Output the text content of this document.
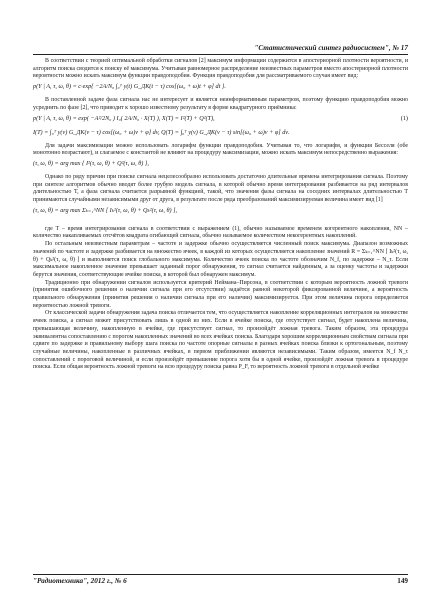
"Статистический синтез радиосистем", № 17

В соответствии с теорией оптимальной обработки сигналов [2] максимум информации содержится в апостериорной плотности вероятности, и алгоритм поиска сводится к поиску её максимума. Учитывая равномерное распределение неизвестных параметров вместо апостериорной плотности вероятности можно искать максимум функции правдоподобия. Функция правдоподобия для рассматриваемого случая имеет вид:

p(Y | A, τ, ω, θ) = c·exp{ −2A/N₀ ∫₀ᵀ y(t) G_ДК(t − τ) cos[(ω₀ + ω)t + φ] dt }.

В поставленной задаче фаза сигнала нас не интересует и является неинформативным параметром, поэтому функцию правдоподобия можно усреднить по фазе [2], что приводит к хорошо известному результату в форме квадратурного приёмника:

p(Y | A, τ, ω, θ) = exp( −A²/2N₀ ) I₀( 2A/N₀ · X(T) ), X(T) = I²(T) + Q²(T),	(1)
I(T) = ∫₀ᵀ y(v) G_ДК(v − τ) cos[(ω₀ + ω)v + φ] dv, Q(T) = ∫₀ᵀ y(v) G_ДК(v − τ) sin[(ω₀ + ω)v + φ] dv.

Для задачи максимизации можно использовать логарифм функции правдоподобия. Учитывая то, что логарифм, и функция Бесселя (обе монотонно возрастают), и слагаемое с константой не влияют на процедуру максимизации, можно искать максимум непосредственно выражения:

(τ, ω, θ) = arg max { I²(τ, ω, θ) + Q²(τ, ω, θ) },

Однако по ряду причин при поиске сигнала нецелесообразно использовать достаточно длительные времена интегрирования сигнала. Поэтому при синтезе алгоритмов обычно вводят более грубую модель сигнала, в которой обычно время интегрирования разбивается на ряд интервалов длительностью T, а фаза сигнала считается разрывной функцией, такой, что значения фазы сигнала на соседних интервалах длительностью T принимаются случайными независимыми друг от друга, в результате после ряда преобразований максимизируемая величина имеет вид [1]

(τ, ω, θ) = arg max Σₖ₌₁^NN [ Iₖ²(τ, ω, θ) + Qₖ²(τ, ω, θ) ],

где T – время интегрирования сигнала в соответствии с выражением (1), обычно называемое временем когерентного накопления, NN – количество накапливаемых отсчётов квадрата огибающей сигнала, обычно называемое количеством некогерентных накоплений.

По остальным неизвестным параметрам – частоте и задержке обычно осуществляется численный поиск максимума. Диапазон возможных значений по частоте и задержке разбивается на множество ячеек, в каждой из которых осуществляется накопление значений R = Σₖ₌₁^NN [ Iₖ²(τ, ω, θ) + Qₖ²(τ, ω, θ) ] и выполняется поиск глобального максимума. Количество ячеек поиска по частоте обозначим N_f, по задержке – N_τ. Если максимальное накопленное значение превышает заданный порог обнаружения, то сигнал считается найденным, а за оценку частоты и задержки берутся значения, соответствующие ячейке поиска, в которой был обнаружен максимум.

Традиционно при обнаружении сигналов используется критерий Неймана–Пирсона, в соответствии с которым вероятность ложной тревоги (принятия ошибочного решения о наличии сигнала при его отсутствии) задаётся равной некоторой фиксированной величине, а вероятность правильного обнаружения (принятия решения о наличии сигнала при его наличии) максимизируется. При этом величина порога определяется вероятностью ложной тревоги.

От классической задачи обнаружения задача поиска отличается тем, что осуществляется накопление корреляционных интегралов на множестве ячеек поиска, а сигнал может присутствовать лишь в одной из них. Если в ячейке поиска, где отсутствует сигнал, будет накоплена величина, превышающая величину, накопленную в ячейке, где присутствует сигнал, то произойдёт ложная тревога. Таким образом, эта процедура эквивалентна сопоставлению с порогом накопленных значений во всех ячейках поиска. Благодаря хорошим корреляционным свойствам сигнала при сдвиге по задержке и правильному выбору шага поиска по частоте опорные сигналы в разных ячейках поиска близки к ортогональным, поэтому случайные величины, накопленные в различных ячейках, в первом приближении являются независимыми. Таким образом, имеется N_f N_τ сопоставлений с пороговой величиной, и если произойдёт превышение порога хотя бы в одной ячейке, произойдёт ложная тревога в процедуре поиска. Если общая вероятность ложной тревоги на всю процедуру поиска равна P_F, то вероятность ложной тревоги в отдельной ячейке

"Радиотехника", 2012 г., № 6	149
